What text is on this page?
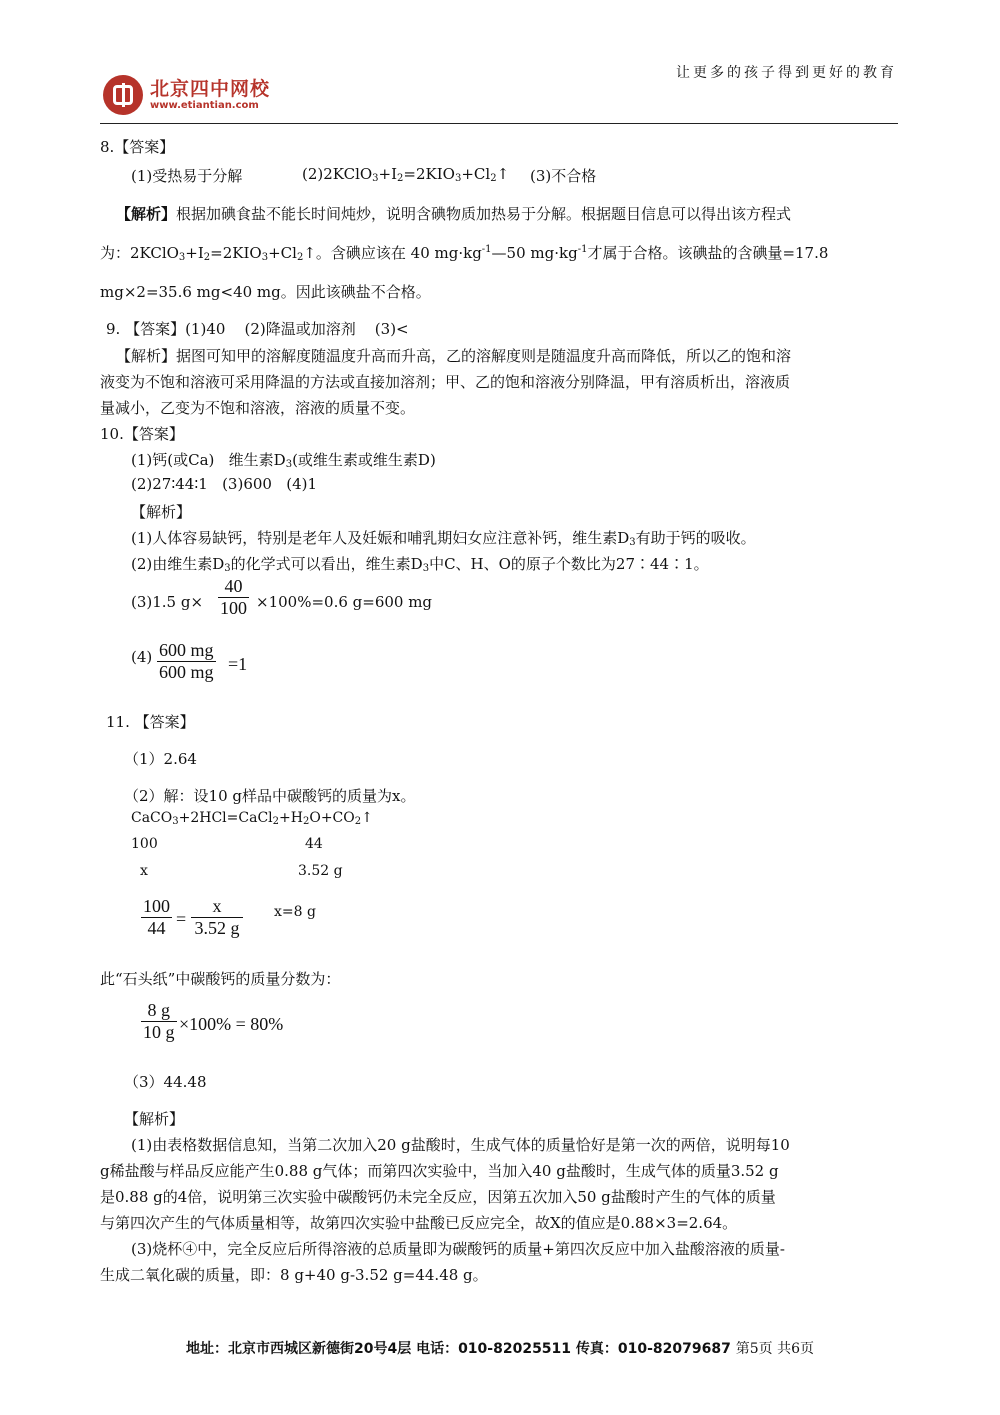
北京四中网校
www.etiantian.com
让更多的孩子得到更好的教育
8.【答案】
(1)受热易于分解	$(2)2KClO_3+I_2=2KIO_3+Cl_2↑$ (3)不合格
【解析】根据加碘食盐不能长时间炖炒，说明含碘物质加热易于分解。根据题目信息可以得出该方程式
为：$2KClO_3+I_2=2KIO_3+Cl_2↑$。含碘应该在 40 $mg\cdot kg^{-1}—50$ $mg\cdot kg^{-1}$才属于合格。该碘盐的含碘量=17.8
mg×2=35.6 mg<40 mg。因此该碘盐不合格。
9. 【答案】(1)40    (2)降温或加溶剂    (3)<
【解析】据图可知甲的溶解度随温度升高而升高，乙的溶解度则是随温度升高而降低，所以乙的饱和溶
液变为不饱和溶液可采用降温的方法或直接加溶剂；甲、乙的饱和溶液分别降温，甲有溶质析出，溶液质
量减小，乙变为不饱和溶液，溶液的质量不变。
10.【答案】
(1)钙(或Ca)   维生素$D_3$(或维生素或维生素D)
(2)27∶44∶1   (3)600   (4)1
【解析】
(1)人体容易缺钙，特别是老年人及妊娠和哺乳期妇女应注意补钙，维生素$D_3$有助于钙的吸收。
(2)由维生素$D_3$的化学式可以看出，维生素$D_3$中C、H、O的原子个数比为27∶44∶1。
(3)1.5 $g\times \frac{40}{100} \times 100\%=0.6$ g=600 mg
$(4) \frac{600 mg}{600 mg} =1$
11. 【答案】
（1）2.64
（2）解：设10 g样品中碳酸钙的质量为x。
$CaCO_3+2HCl=CaCl_2+H_2O+CO_2↑$
100	44
x	3.52 g
$\frac{100}{44} = \frac{x}{3.52 g} x=8$ g
此“石头纸”中碳酸钙的质量分数为：
$\frac{8 g}{10 g} \times 100\% = 80\%$
（3）44.48
【解析】
(1)由表格数据信息知，当第二次加入20 g盐酸时，生成气体的质量恰好是第一次的两倍，说明每10
g稀盐酸与样品反应能产生0.88 g气体；而第四次实验中，当加入40 g盐酸时，生成气体的质量3.52 g
是0.88 g的4倍，说明第三次实验中碳酸钙仍未完全反应，因第五次加入50 g盐酸时产生的气体的质量
与第四次产生的气体质量相等，故第四次实验中盐酸已反应完全，故X的值应是0.88×3=2.64。
(3)烧杯④中，完全反应后所得溶液的总质量即为碳酸钙的质量+第四次反应中加入盐酸溶液的质量-
生成二氧化碳的质量，即：8 g+40 g-3.52 g=44.48 g。
地址：北京市西城区新德街20号4层 电话：010-82025511 传真：010-82079687 第5页 共6页
